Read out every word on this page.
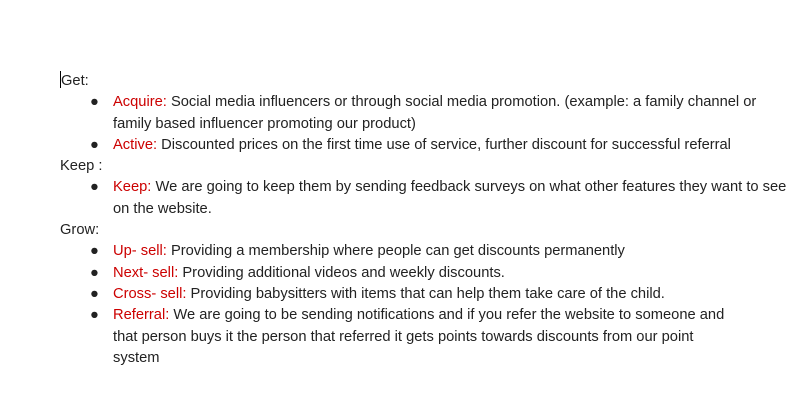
Get:
● Acquire: Social media influencers or through social media promotion. (example: a family channel or family based influencer promoting our product)
● Active: Discounted prices on the first time use of service, further discount for successful referral
Keep :
● Keep: We are going to keep them by sending feedback surveys on what other features they want to see on the website.
Grow:
● Up- sell: Providing a membership where people can get discounts permanently
● Next- sell: Providing additional videos and weekly discounts.
● Cross- sell: Providing babysitters with items that can help them take care of the child.
● Referral: We are going to be sending notifications and if you refer the website to someone and that person buys it the person that referred it gets points towards discounts from our point system
